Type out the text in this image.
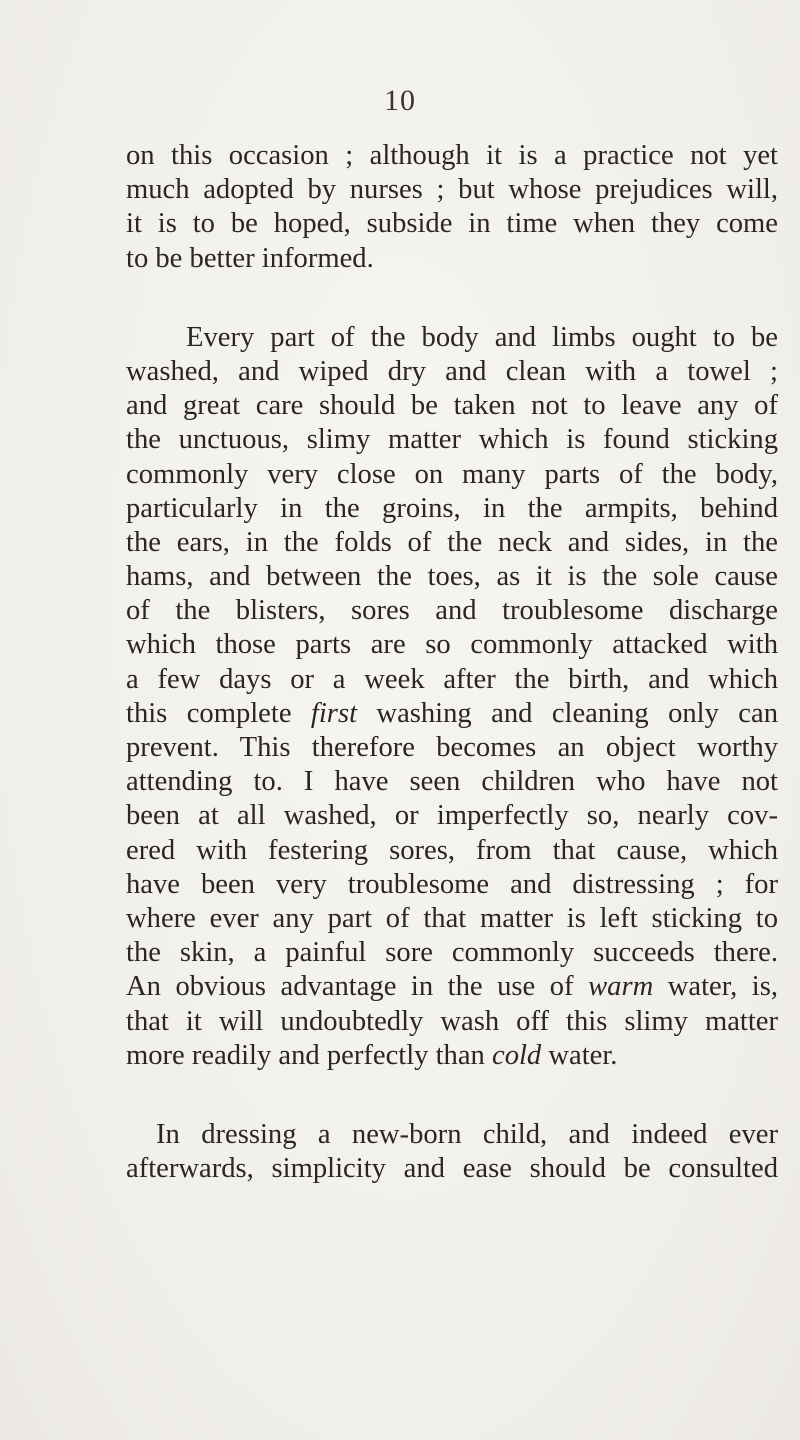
10
on this occasion ; although it is a practice not yet
much adopted by nurses ; but whose prejudices will,
it is to be hoped, subside in time when they come
to be better informed.
Every part of the body and limbs ought to be
washed, and wiped dry and clean with a towel ;
and great care should be taken not to leave any of
the unctuous, slimy matter which is found sticking
commonly very close on many parts of the body,
particularly in the groins, in the armpits, behind
the ears, in the folds of the neck and sides, in the
hams, and between the toes, as it is the sole cause
of the blisters, sores and troublesome discharge
which those parts are so commonly attacked with
a few days or a week after the birth, and which
this complete first washing and cleaning only can
prevent. This therefore becomes an object worthy
attending to. I have seen children who have not
been at all washed, or imperfectly so, nearly cov-
ered with festering sores, from that cause, which
have been very troublesome and distressing ; for
where ever any part of that matter is left sticking to
the skin, a painful sore commonly succeeds there.
An obvious advantage in the use of warm water, is,
that it will undoubtedly wash off this slimy matter
more readily and perfectly than cold water.
In dressing a new-born child, and indeed ever
afterwards, simplicity and ease should be consulted
